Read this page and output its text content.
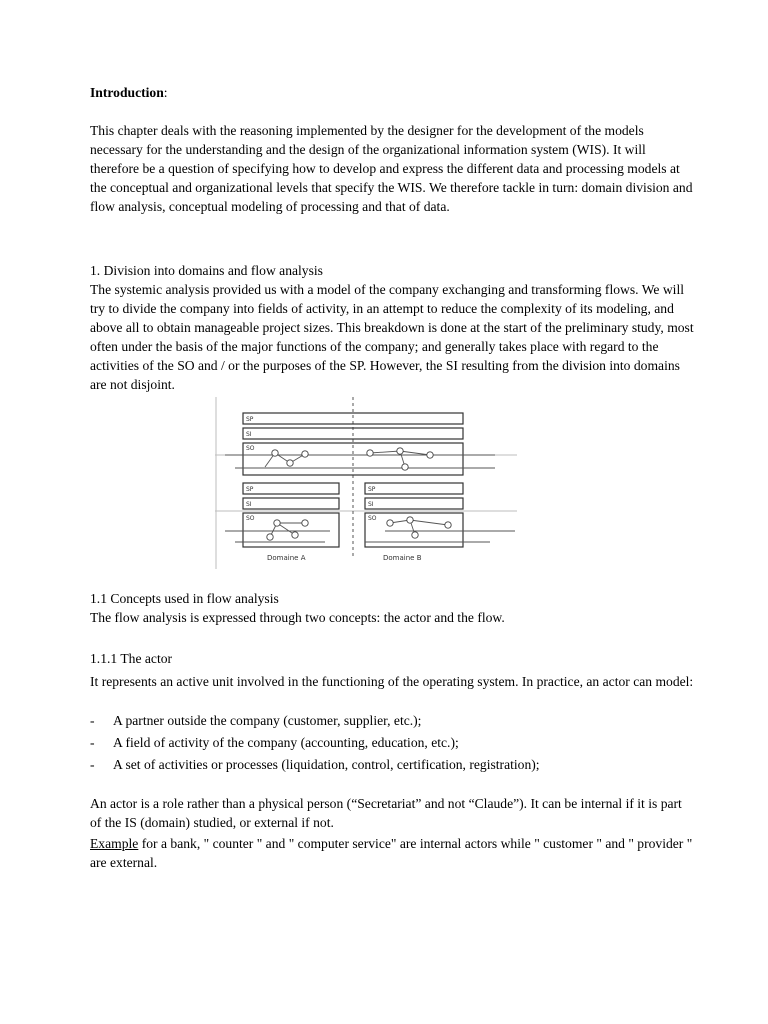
Introduction:

This chapter deals with the reasoning implemented by the designer for the development of the models necessary for the understanding and the design of the organizational information system (WIS). It will therefore be a question of specifying how to develop and express the different data and processing models at the conceptual and organizational levels that specify the WIS. We therefore tackle in turn: domain division and flow analysis, conceptual modeling of processing and that of data.

1. Division into domains and flow analysis

The systemic analysis provided us with a model of the company exchanging and transforming flows. We will try to divide the company into fields of activity, in an attempt to reduce the complexity of its modeling, and above all to obtain manageable project sizes. This breakdown is done at the start of the preliminary study, most often under the basis of the major functions of the company; and generally takes place with regard to the activities of the SO and / or the purposes of the SP. However, the SI resulting from the division into domains are not disjoint.

SP
SI
SO
SP
SI
SO
SP
SI
SO
Domaine A	Domaine B

1.1 Concepts used in flow analysis

The flow analysis is expressed through two concepts: the actor and the flow.

1.1.1 The actor

It represents an active unit involved in the functioning of the operating system. In practice, an actor can model:

- A partner outside the company (customer, supplier, etc.);
- A field of activity of the company (accounting, education, etc.);
- A set of activities or processes (liquidation, control, certification, registration);

An actor is a role rather than a physical person (“Secretariat” and not “Claude”). It can be internal if it is part of the IS (domain) studied, or external if not.

Example for a bank, " counter " and " computer service" are internal actors while " customer " and " provider " are external.
